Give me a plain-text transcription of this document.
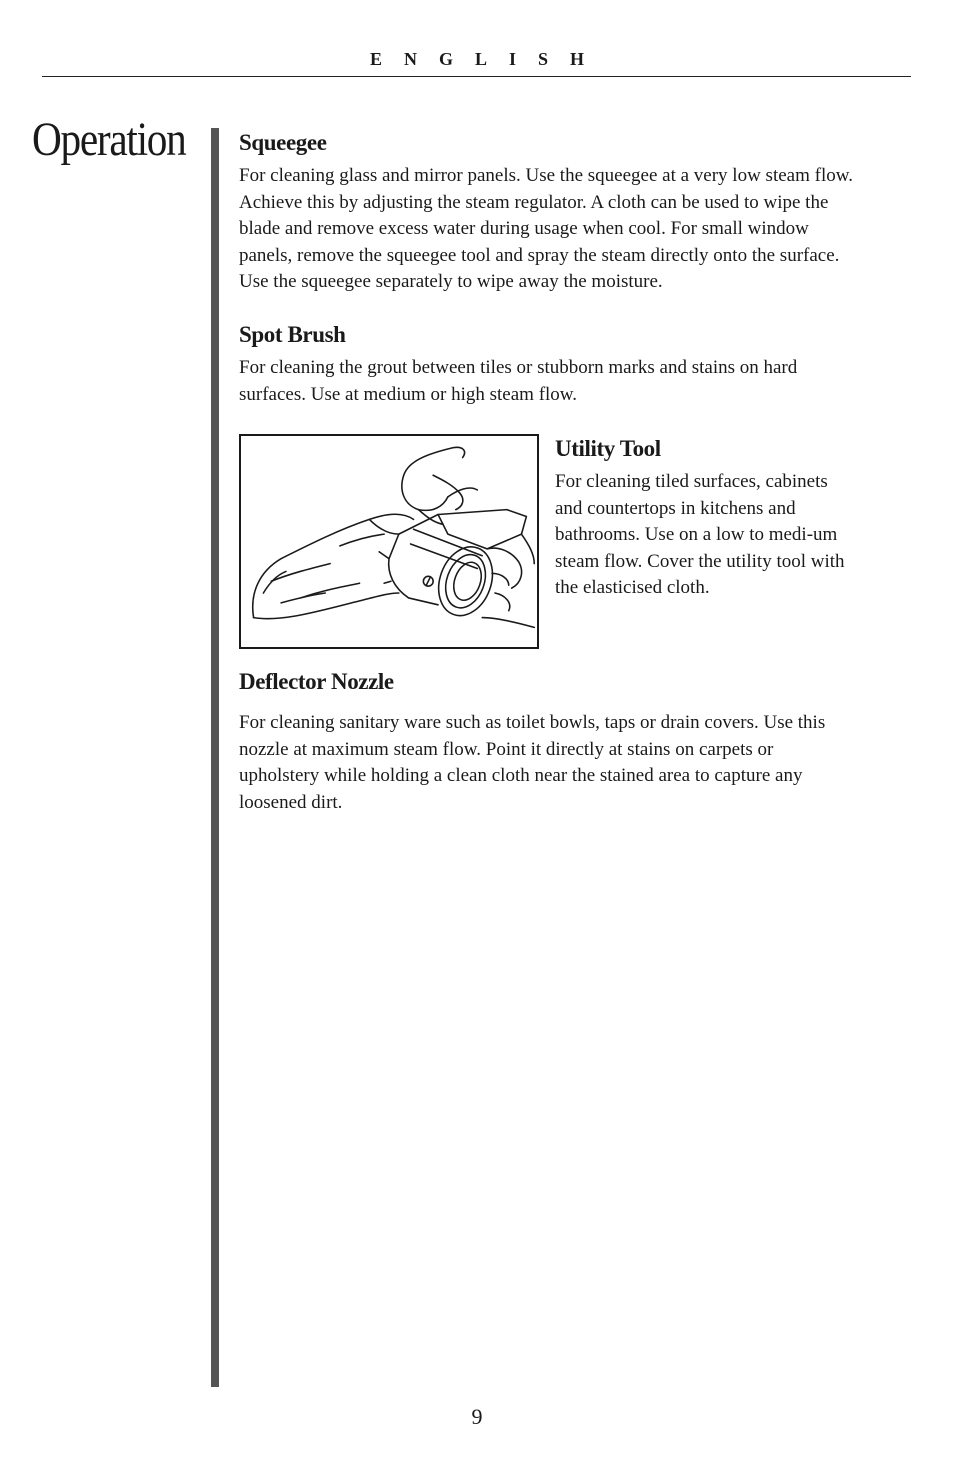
ENGLISH
Operation Squeegee

For cleaning glass and mirror panels. Use the squeegee at a very low steam flow. Achieve this by adjusting the steam regulator. A cloth can be used to wipe the blade and remove excess water during usage when cool. For small window panels, remove the squeegee tool and spray the steam directly onto the surface. Use the squeegee separately to wipe away the moisture.

Spot Brush

For cleaning the grout between tiles or stubborn marks and stains on hard surfaces. Use at medium or high steam flow.

Utility Tool

For cleaning tiled surfaces, cabinets and countertops in kitchens and bathrooms. Use on a low to medi-um steam flow. Cover the utility tool with the elasticised cloth.

Deflector Nozzle

For cleaning sanitary ware such as toilet bowls, taps or drain covers. Use this nozzle at maximum steam flow. Point it directly at stains on carpets or upholstery while holding a clean cloth near the stained area to capture any loosened dirt.

9
